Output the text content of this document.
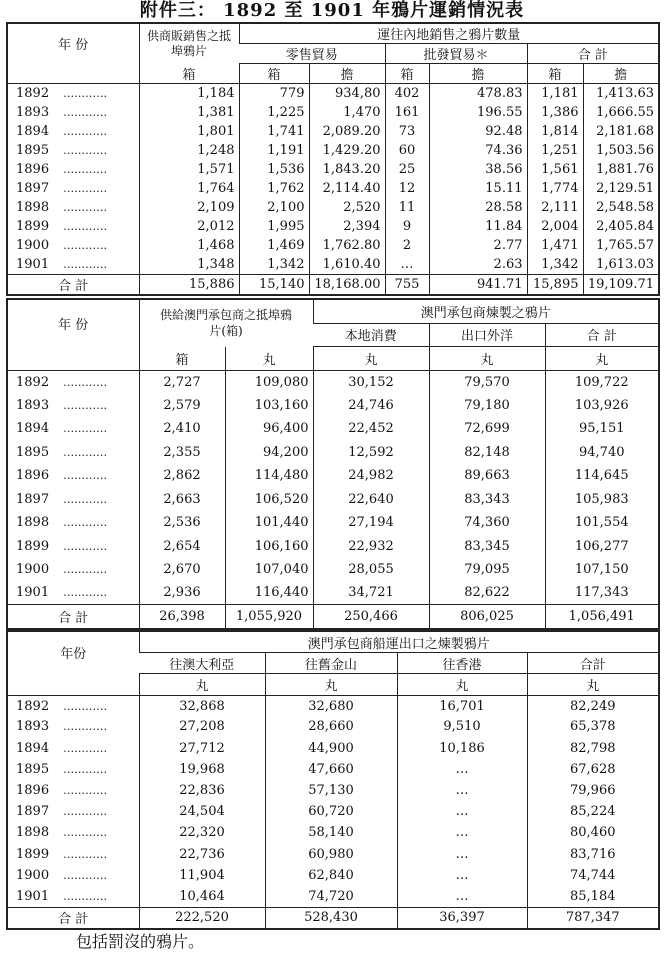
附件三： 1892 至 1901 年鴉片運銷情況表
年 份	供商販銷售之抵埠鴉片	運往內地銷售之鴉片數量					
		零售貿易		批發貿易＊		合 計	
	箱	箱	擔	箱	擔	箱	擔
1892 …………	1,184	779	934,80	402	478.83	1,181	1,413.63
1893 …………	1,381	1,225	1,470	161	196.55	1,386	1,666.55
1894 …………	1,801	1,741	2,089.20	73	92.48	1,814	2,181.68
1895 …………	1,248	1,191	1,429.20	60	74.36	1,251	1,503.56
1896 …………	1,571	1,536	1,843.20	25	38.56	1,561	1,881.76
1897 …………	1,764	1,762	2,114.40	12	15.11	1,774	2,129.51
1898 …………	2,109	2,100	2,520	11	28.58	2,111	2,548.58
1899 …………	2,012	1,995	2,394	9	11.84	2,004	2,405.84
1900 …………	1,468	1,469	1,762.80	2	2.77	1,471	1,765.57
1901 …………	1,348	1,342	1,610.40	…	2.63	1,342	1,613.03
合 計	15,886	15,140	18,168.00	755	941.71	15,895	19,109.71
年 份	供給澳門承包商之抵埠鴉片(箱)		澳門承包商煉製之鴉片		
			本地消費	出口外洋	合 計
	箱	丸	丸	丸	丸
1892 …………	2,727	109,080	30,152	79,570	109,722
1893 …………	2,579	103,160	24,746	79,180	103,926
1894 …………	2,410	96,400	22,452	72,699	95,151
1895 …………	2,355	94,200	12,592	82,148	94,740
1896 …………	2,862	114,480	24,982	89,663	114,645
1897 …………	2,663	106,520	22,640	83,343	105,983
1898 …………	2,536	101,440	27,194	74,360	101,554
1899 …………	2,654	106,160	22,932	83,345	106,277
1900 …………	2,670	107,040	28,055	79,095	107,150
1901 …………	2,936	116,440	34,721	82,622	117,343
合 計	26,398	1,055,920	250,466	806,025	1,056,491
年份	澳門承包商船運出口之煉製鴉片			
	往澳大利亞	往舊金山	往香港	合計
	丸	丸	丸	丸
1892 …………	32,868	32,680	16,701	82,249
1893 …………	27,208	28,660	9,510	65,378
1894 …………	27,712	44,900	10,186	82,798
1895 …………	19,968	47,660	…	67,628
1896 …………	22,836	57,130	…	79,966
1897 …………	24,504	60,720	…	85,224
1898 …………	22,320	58,140	…	80,460
1899 …………	22,736	60,980	…	83,716
1900 …………	11,904	62,840	…	74,744
1901 …………	10,464	74,720	…	85,184
合 計	222,520	528,430	36,397	787,347
包括罰沒的鴉片。
